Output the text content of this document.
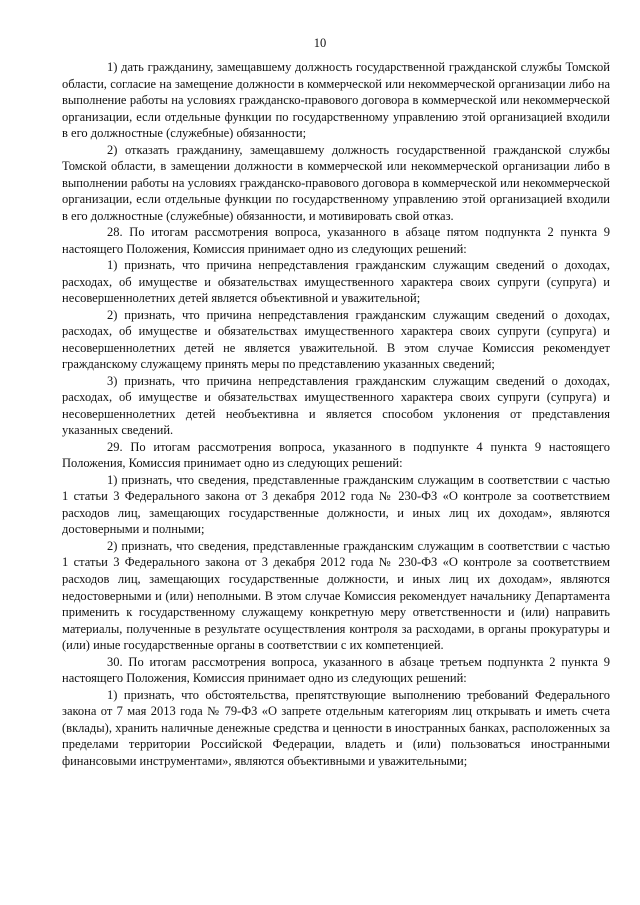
10

1) дать гражданину, замещавшему должность государственной гражданской службы Томской области, согласие на замещение должности в коммерческой или некоммерческой организации либо на выполнение работы на условиях гражданско-правового договора в коммерческой или некоммерческой организации, если отдельные функции по государственному управлению этой организацией входили в его должностные (служебные) обязанности;

2) отказать гражданину, замещавшему должность государственной гражданской службы Томской области, в замещении должности в коммерческой или некоммерческой организации либо в выполнении работы на условиях гражданско-правового договора в коммерческой или некоммерческой организации, если отдельные функции по государственному управлению этой организацией входили в его должностные (служебные) обязанности, и мотивировать свой отказ.

28. По итогам рассмотрения вопроса, указанного в абзаце пятом подпункта 2 пункта 9 настоящего Положения, Комиссия принимает одно из следующих решений:

1) признать, что причина непредставления гражданским служащим сведений о доходах, расходах, об имуществе и обязательствах имущественного характера своих супруги (супруга) и несовершеннолетних детей является объективной и уважительной;

2) признать, что причина непредставления гражданским служащим сведений о доходах, расходах, об имуществе и обязательствах имущественного характера своих супруги (супруга) и несовершеннолетних детей не является уважительной. В этом случае Комиссия рекомендует гражданскому служащему принять меры по представлению указанных сведений;

3) признать, что причина непредставления гражданским служащим сведений о доходах, расходах, об имуществе и обязательствах имущественного характера своих супруги (супруга) и несовершеннолетних детей необъективна и является способом уклонения от представления указанных сведений.

29. По итогам рассмотрения вопроса, указанного в подпункте 4 пункта 9 настоящего Положения, Комиссия принимает одно из следующих решений:

1) признать, что сведения, представленные гражданским служащим в соответствии с частью 1 статьи 3 Федерального закона от 3 декабря 2012 года № 230-ФЗ «О контроле за соответствием расходов лиц, замещающих государственные должности, и иных лиц их доходам», являются достоверными и полными;

2) признать, что сведения, представленные гражданским служащим в соответствии с частью 1 статьи 3 Федерального закона от 3 декабря 2012 года № 230-ФЗ «О контроле за соответствием расходов лиц, замещающих государственные должности, и иных лиц их доходам», являются недостоверными и (или) неполными. В этом случае Комиссия рекомендует начальнику Департамента применить к государственному служащему конкретную меру ответственности и (или) направить материалы, полученные в результате осуществления контроля за расходами, в органы прокуратуры и (или) иные государственные органы в соответствии с их компетенцией.

30. По итогам рассмотрения вопроса, указанного в абзаце третьем подпункта 2 пункта 9 настоящего Положения, Комиссия принимает одно из следующих решений:

1) признать, что обстоятельства, препятствующие выполнению требований Федерального закона от 7 мая 2013 года № 79-ФЗ «О запрете отдельным категориям лиц открывать и иметь счета (вклады), хранить наличные денежные средства и ценности в иностранных банках, расположенных за пределами территории Российской Федерации, владеть и (или) пользоваться иностранными финансовыми инструментами», являются объективными и уважительными;
